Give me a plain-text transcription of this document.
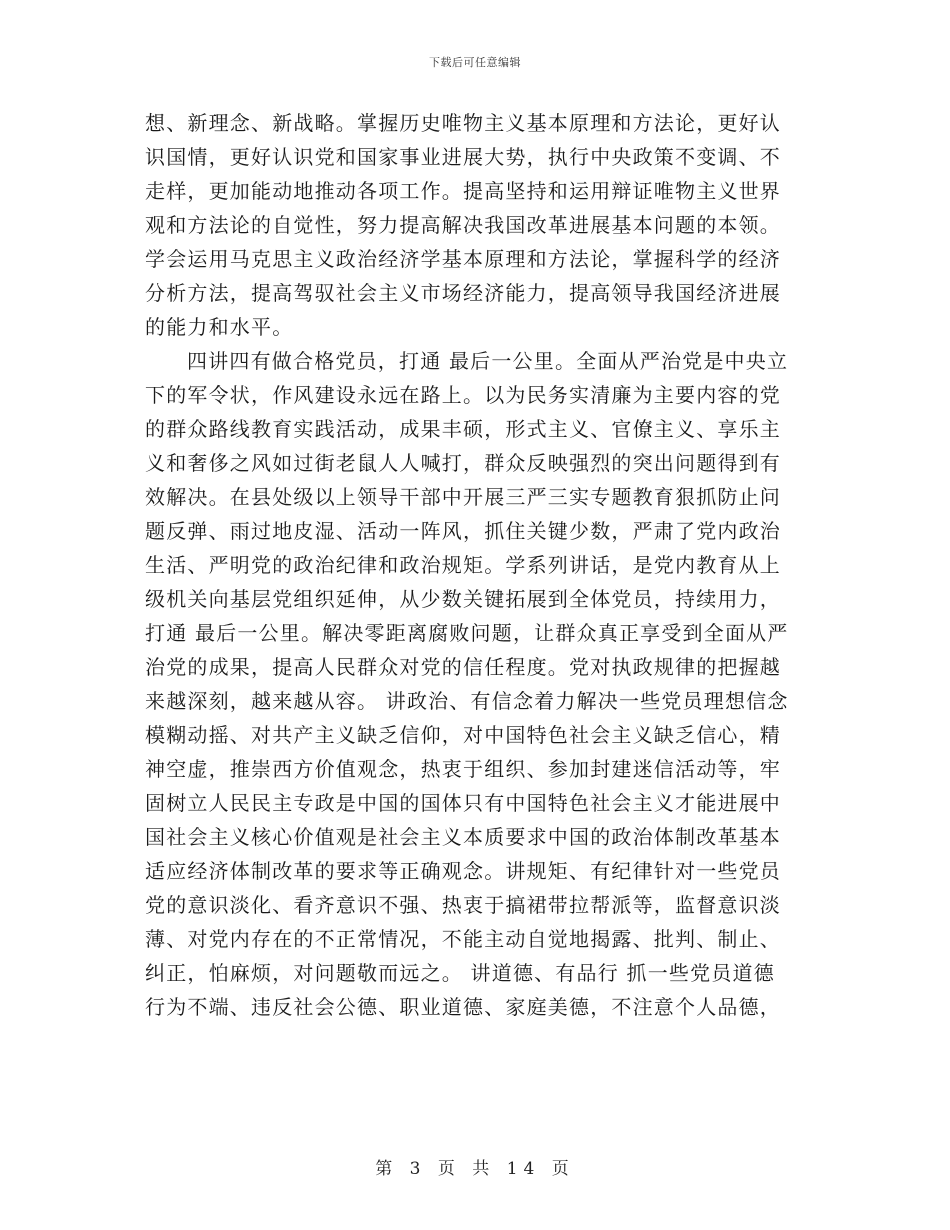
下载后可任意编辑
想、新理念、新战略。掌握历史唯物主义基本原理和方法论，更好认
识国情，更好认识党和国家事业进展大势，执行中央政策不变调、不
走样，更加能动地推动各项工作。提高坚持和运用辩证唯物主义世界
观和方法论的自觉性，努力提高解决我国改革进展基本问题的本领。
学会运用马克思主义政治经济学基本原理和方法论，掌握科学的经济
分析方法，提高驾驭社会主义市场经济能力，提高领导我国经济进展
的能力和水平。
四讲四有做合格党员，打通 最后一公里。全面从严治党是中央立
下的军令状，作风建设永远在路上。以为民务实清廉为主要内容的党
的群众路线教育实践活动，成果丰硕，形式主义、官僚主义、享乐主
义和奢侈之风如过街老鼠人人喊打，群众反映强烈的突出问题得到有
效解决。在县处级以上领导干部中开展三严三实专题教育狠抓防止问
题反弹、雨过地皮湿、活动一阵风，抓住关键少数，严肃了党内政治
生活、严明党的政治纪律和政治规矩。学系列讲话，是党内教育从上
级机关向基层党组织延伸，从少数关键拓展到全体党员，持续用力，
打通 最后一公里。解决零距离腐败问题，让群众真正享受到全面从严
治党的成果，提高人民群众对党的信任程度。党对执政规律的把握越
来越深刻，越来越从容。 讲政治、有信念着力解决一些党员理想信念
模糊动摇、对共产主义缺乏信仰，对中国特色社会主义缺乏信心，精
神空虚，推崇西方价值观念，热衷于组织、参加封建迷信活动等，牢
固树立人民民主专政是中国的国体只有中国特色社会主义才能进展中
国社会主义核心价值观是社会主义本质要求中国的政治体制改革基本
适应经济体制改革的要求等正确观念。讲规矩、有纪律针对一些党员
党的意识淡化、看齐意识不强、热衷于搞裙带拉帮派等，监督意识淡
薄、对党内存在的不正常情况，不能主动自觉地揭露、批判、制止、
纠正，怕麻烦，对问题敬而远之。 讲道德、有品行 抓一些党员道德
行为不端、违反社会公德、职业道德、家庭美德，不注意个人品德，
第 3 页 共 14 页
